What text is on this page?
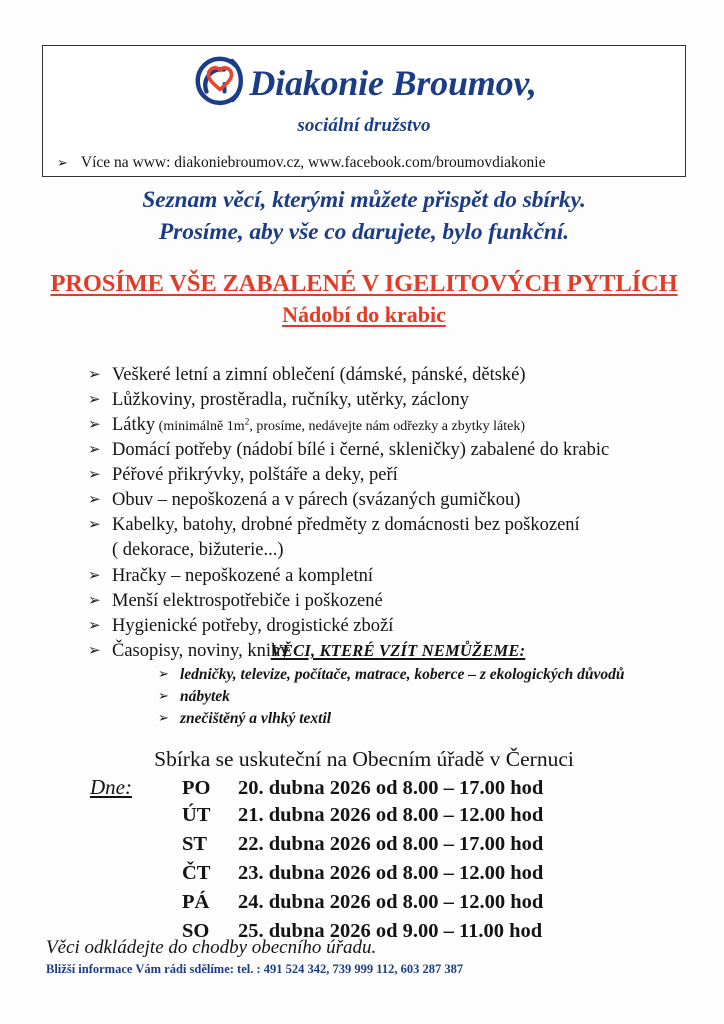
Diakonie Broumov,
sociální družstvo
➢ Více na www: diakoniebroumov.cz, www.facebook.com/broumovdiakonie
Seznam věcí, kterými můžete přispět do sbírky.
Prosíme, aby vše co darujete, bylo funkční.
PROSÍME VŠE ZABALENÉ V IGELITOVÝCH PYTLÍCH
Nádobí do krabic
➢ Veškeré letní a zimní oblečení (dámské, pánské, dětské)
➢ Lůžkoviny, prostěradla, ručníky, utěrky, záclony
➢ Látky (minimálně $1m^2$, prosíme, nedávejte nám odřezky a zbytky látek)
➢ Domácí potřeby (nádobí bílé i černé, skleničky) zabalené do krabic
➢ Péřové přikrývky, polštáře a deky, peří
➢ Obuv – nepoškozená a v párech (svázaných gumičkou)
➢ Kabelky, batohy, drobné předměty z domácnosti bez poškození
( dekorace, bižuterie...)
➢ Hračky – nepoškozené a kompletní
➢ Menší elektrospotřebiče i poškozené
➢ Hygienické potřeby, drogistické zboží
➢ Časopisy, noviny, knihy
VĚCI, KTERÉ VZÍT NEMŮŽEME:
➢ ledničky, televize, počítače, matrace, koberce – z ekologických důvodů
➢ nábytek
➢ znečištěný a vlhký textil
Sbírka se uskuteční na Obecním úřadě v Černuci
Dne:	PO	20. dubna 2026 od 8.00 – 17.00 hod
ÚT	21. dubna 2026 od 8.00 – 12.00 hod
ST	22. dubna 2026 od 8.00 – 17.00 hod
ČT	23. dubna 2026 od 8.00 – 12.00 hod
PÁ	24. dubna 2026 od 8.00 – 12.00 hod
SO	25. dubna 2026 od 9.00 – 11.00 hod
Věci odkládejte do chodby obecního úřadu.
Bližší informace Vám rádi sdělíme: tel. : 491 524 342, 739 999 112, 603 287 387
